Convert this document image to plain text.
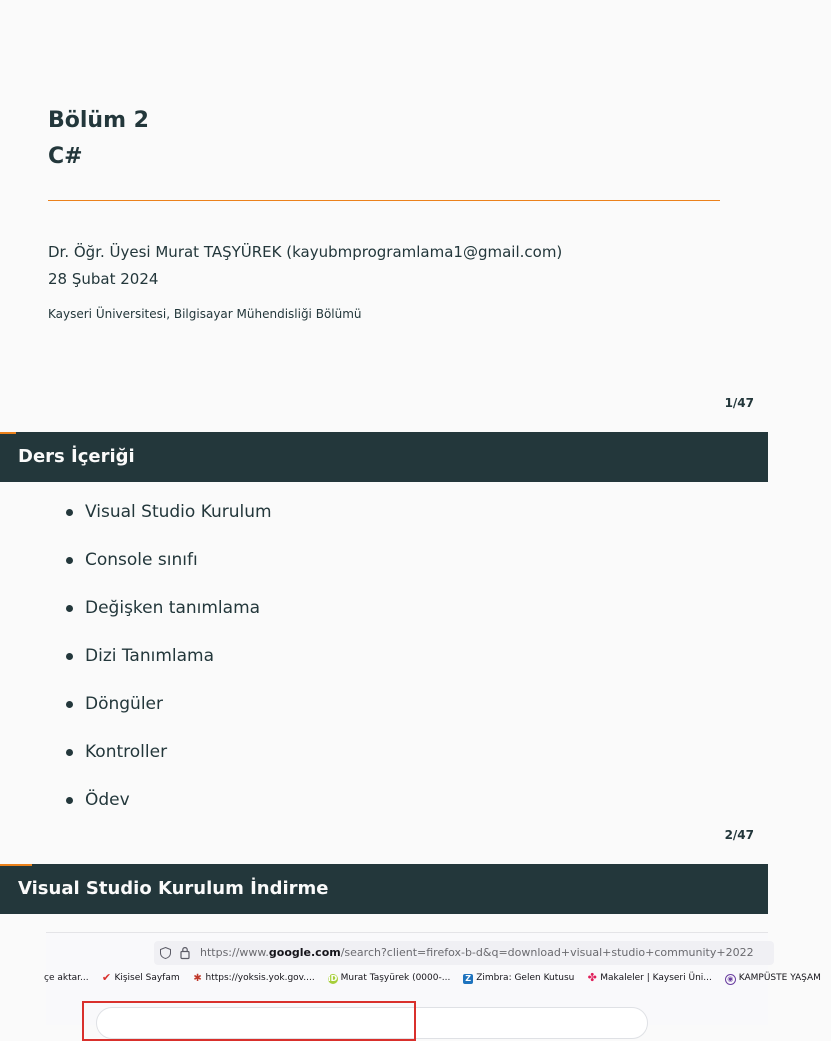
Bölüm 2
C#
Dr. Öğr. Üyesi Murat TAŞYÜREK (kayubmprogramlama1@gmail.com)
28 Şubat 2024
Kayseri Üniversitesi, Bilgisayar Mühendisliği Bölümü
1/47
Ders İçeriği
Visual Studio Kurulum
Console sınıfı
Değişken tanımlama
Dizi Tanımlama
Döngüler
Kontroller
Ödev
2/47
Visual Studio Kurulum İndirme
https://www.google.com/search?client=firefox-b-d&q=download+visual+studio+community+2022
çe aktar... ✔ Kişisel Sayfam ✱ https://yoksis.yok.gov.... iD Murat Taşyürek (0000-... Z Zimbra: Gelen Kutusu ✤ Makaleler | Kayseri Üni... ◉ KAMPÜSTE YAŞAM
